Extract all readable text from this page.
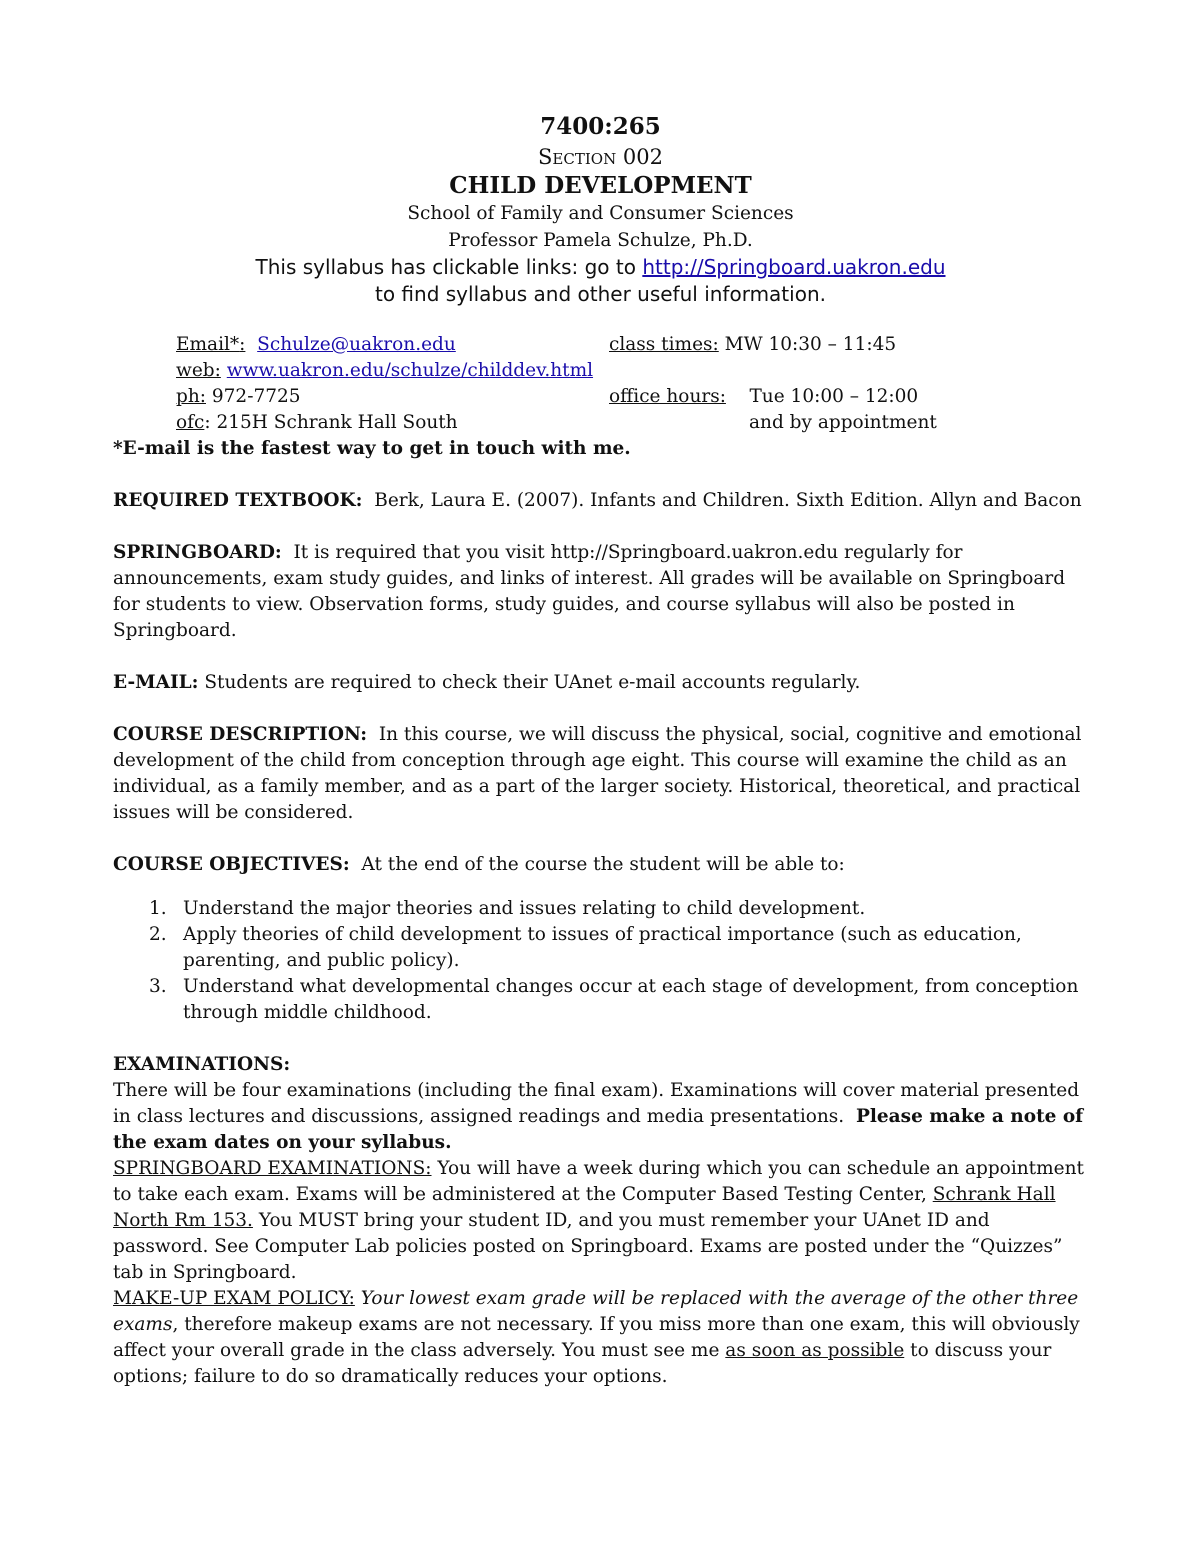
7400:265
Section 002
CHILD DEVELOPMENT
School of Family and Consumer Sciences
Professor Pamela Schulze, Ph.D.
This syllabus has clickable links: go to http://Springboard.uakron.edu
to find syllabus and other useful information.
Email*: Schulze@uakron.edu	class times: MW 10:30 – 11:45
web: www.uakron.edu/schulze/childdev.html	
ph: 972-7725	office hours: Tue 10:00 – 12:00
ofc: 215H Schrank Hall South	and by appointment

*E-mail is the fastest way to get in touch with me.

REQUIRED TEXTBOOK: Berk, Laura E. (2007). Infants and Children. Sixth Edition. Allyn and Bacon

SPRINGBOARD: It is required that you visit http://Springboard.uakron.edu regularly for announcements, exam study guides, and links of interest. All grades will be available on Springboard for students to view. Observation forms, study guides, and course syllabus will also be posted in Springboard.

E-MAIL: Students are required to check their UAnet e-mail accounts regularly.

COURSE DESCRIPTION: In this course, we will discuss the physical, social, cognitive and emotional development of the child from conception through age eight. This course will examine the child as an individual, as a family member, and as a part of the larger society. Historical, theoretical, and practical issues will be considered.

COURSE OBJECTIVES: At the end of the course the student will be able to:

1. Understand the major theories and issues relating to child development.
2. Apply theories of child development to issues of practical importance (such as education, parenting, and public policy).
3. Understand what developmental changes occur at each stage of development, from conception through middle childhood.

EXAMINATIONS:

There will be four examinations (including the final exam). Examinations will cover material presented in class lectures and discussions, assigned readings and media presentations. Please make a note of the exam dates on your syllabus.
SPRINGBOARD EXAMINATIONS: You will have a week during which you can schedule an appointment to take each exam. Exams will be administered at the Computer Based Testing Center, Schrank Hall North Rm 153. You MUST bring your student ID, and you must remember your UAnet ID and password. See Computer Lab policies posted on Springboard. Exams are posted under the “Quizzes” tab in Springboard.
MAKE-UP EXAM POLICY: Your lowest exam grade will be replaced with the average of the other three exams, therefore makeup exams are not necessary. If you miss more than one exam, this will obviously affect your overall grade in the class adversely. You must see me as soon as possible to discuss your options; failure to do so dramatically reduces your options.
